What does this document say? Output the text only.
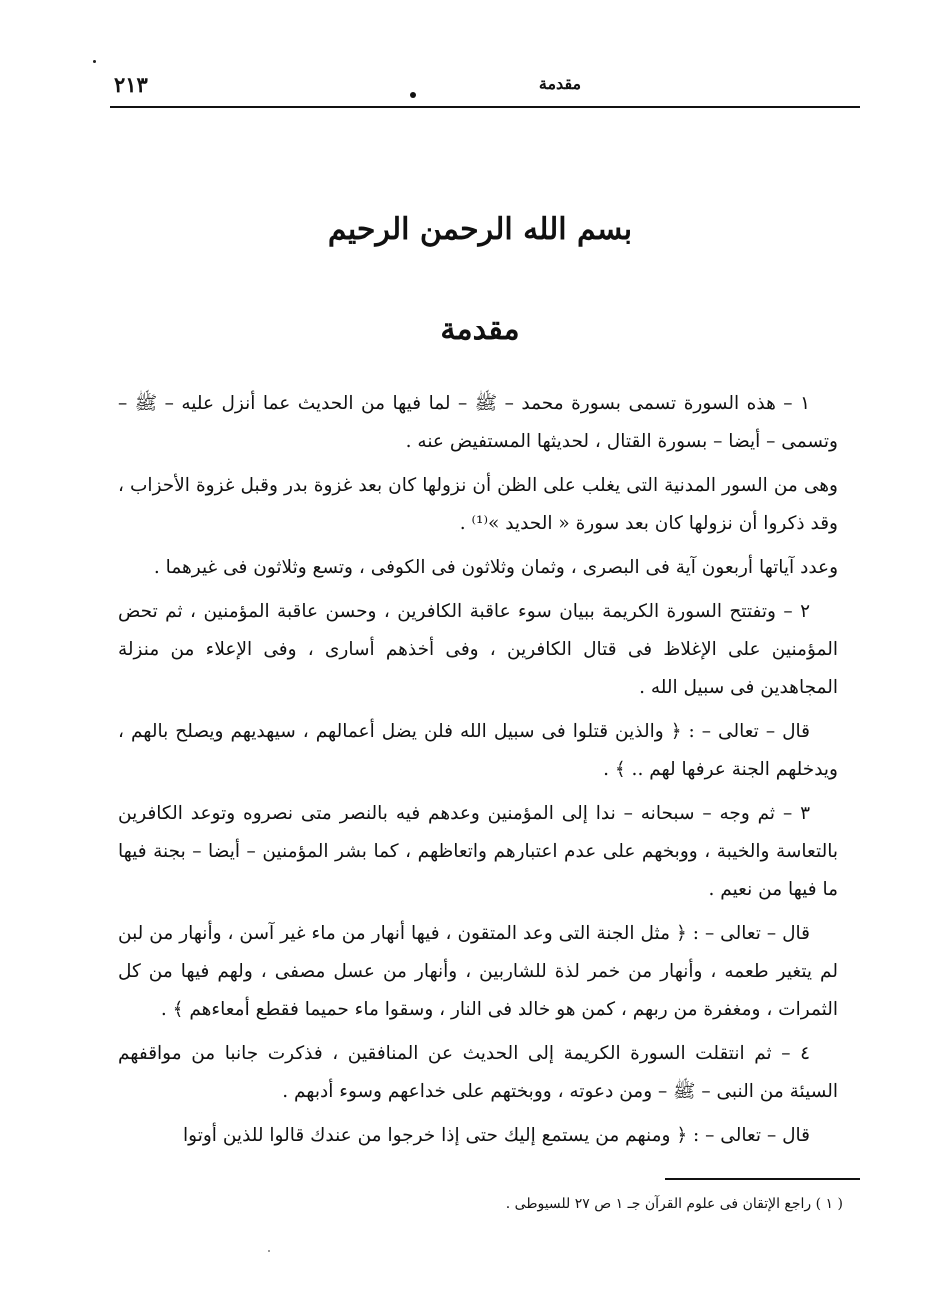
٢١٣	مقدمة
بسم الله الرحمن الرحيم
مقدمة

١ – هذه السورة تسمى بسورة محمد – ﷺ – لما فيها من الحديث عما أنزل عليه – ﷺ – وتسمى – أيضا – بسورة القتال ، لحديثها المستفيض عنه .

وهى من السور المدنية التى يغلب على الظن أن نزولها كان بعد غزوة بدر وقبل غزوة الأحزاب ، وقد ذكروا أن نزولها كان بعد سورة « الحديد »⁽¹⁾ .

وعدد آياتها أربعون آية فى البصرى ، وثمان وثلاثون فى الكوفى ، وتسع وثلاثون فى غيرهما .

٢ – وتفتتح السورة الكريمة ببيان سوء عاقبة الكافرين ، وحسن عاقبة المؤمنين ، ثم تحض المؤمنين على الإغلاظ فى قتال الكافرين ، وفى أخذهم أسارى ، وفى الإعلاء من منزلة المجاهدين فى سبيل الله .

قال – تعالى – : ﴿ والذين قتلوا فى سبيل الله فلن يضل أعمالهم ، سيهديهم ويصلح بالهم ، ويدخلهم الجنة عرفها لهم .. ﴾ .

٣ – ثم وجه – سبحانه – ندا إلى المؤمنين وعدهم فيه بالنصر متى نصروه وتوعد الكافرين بالتعاسة والخيبة ، ووبخهم على عدم اعتبارهم واتعاظهم ، كما بشر المؤمنين – أيضا – بجنة فيها ما فيها من نعيم .

قال – تعالى – : ﴿ مثل الجنة التى وعد المتقون ، فيها أنهار من ماء غير آسن ، وأنهار من لبن لم يتغير طعمه ، وأنهار من خمر لذة للشاربين ، وأنهار من عسل مصفى ، ولهم فيها من كل الثمرات ، ومغفرة من ربهم ، كمن هو خالد فى النار ، وسقوا ماء حميما فقطع أمعاءهم ﴾ .

٤ – ثم انتقلت السورة الكريمة إلى الحديث عن المنافقين ، فذكرت جانبا من مواقفهم السيئة من النبى – ﷺ – ومن دعوته ، ووبختهم على خداعهم وسوء أدبهم .

قال – تعالى – : ﴿ ومنهم من يستمع إليك حتى إذا خرجوا من عندك قالوا للذين أوتوا

( ١ ) راجع الإتقان فى علوم القرآن جـ ١ ص ٢٧ للسيوطى .
